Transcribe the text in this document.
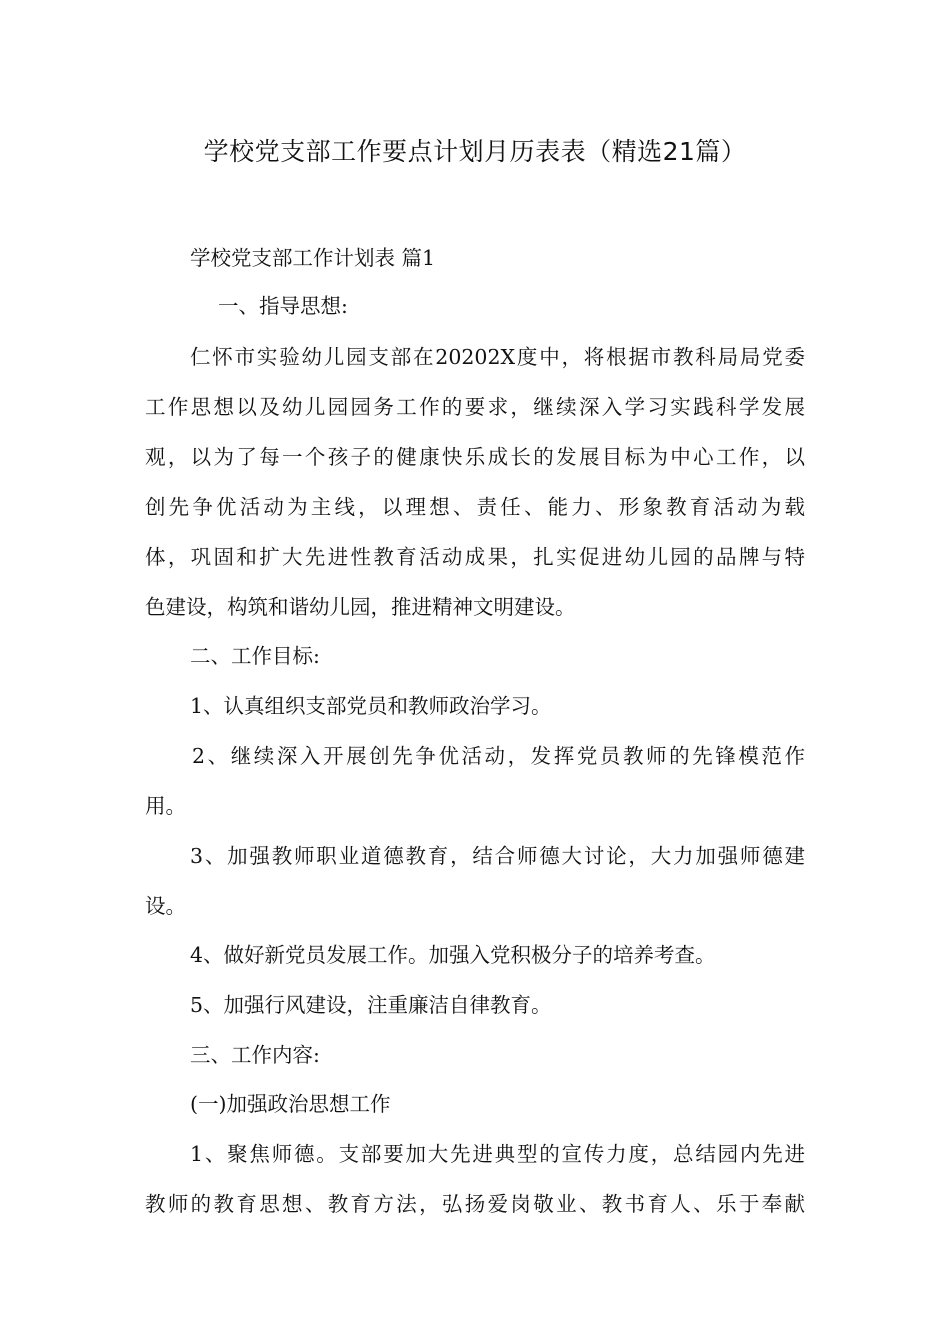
学校党支部工作要点计划月历表表（精选21篇）
学校党支部工作计划表 篇1
一、指导思想:
仁怀市实验幼儿园支部在20202X度中，将根据市教科局局党委
工作思想以及幼儿园园务工作的要求，继续深入学习实践科学发展
观，以为了每一个孩子的健康快乐成长的发展目标为中心工作，以
创先争优活动为主线，以理想、责任、能力、形象教育活动为载
体，巩固和扩大先进性教育活动成果，扎实促进幼儿园的品牌与特
色建设，构筑和谐幼儿园，推进精神文明建设。
二、工作目标:
1、认真组织支部党员和教师政治学习。
2、继续深入开展创先争优活动，发挥党员教师的先锋模范作
用。
3、加强教师职业道德教育，结合师德大讨论，大力加强师德建
设。
4、做好新党员发展工作。加强入党积极分子的培养考查。
5、加强行风建设，注重廉洁自律教育。
三、工作内容:
(一)加强政治思想工作
1、聚焦师德。支部要加大先进典型的宣传力度，总结园内先进
教师的教育思想、教育方法，弘扬爱岗敬业、教书育人、乐于奉献
